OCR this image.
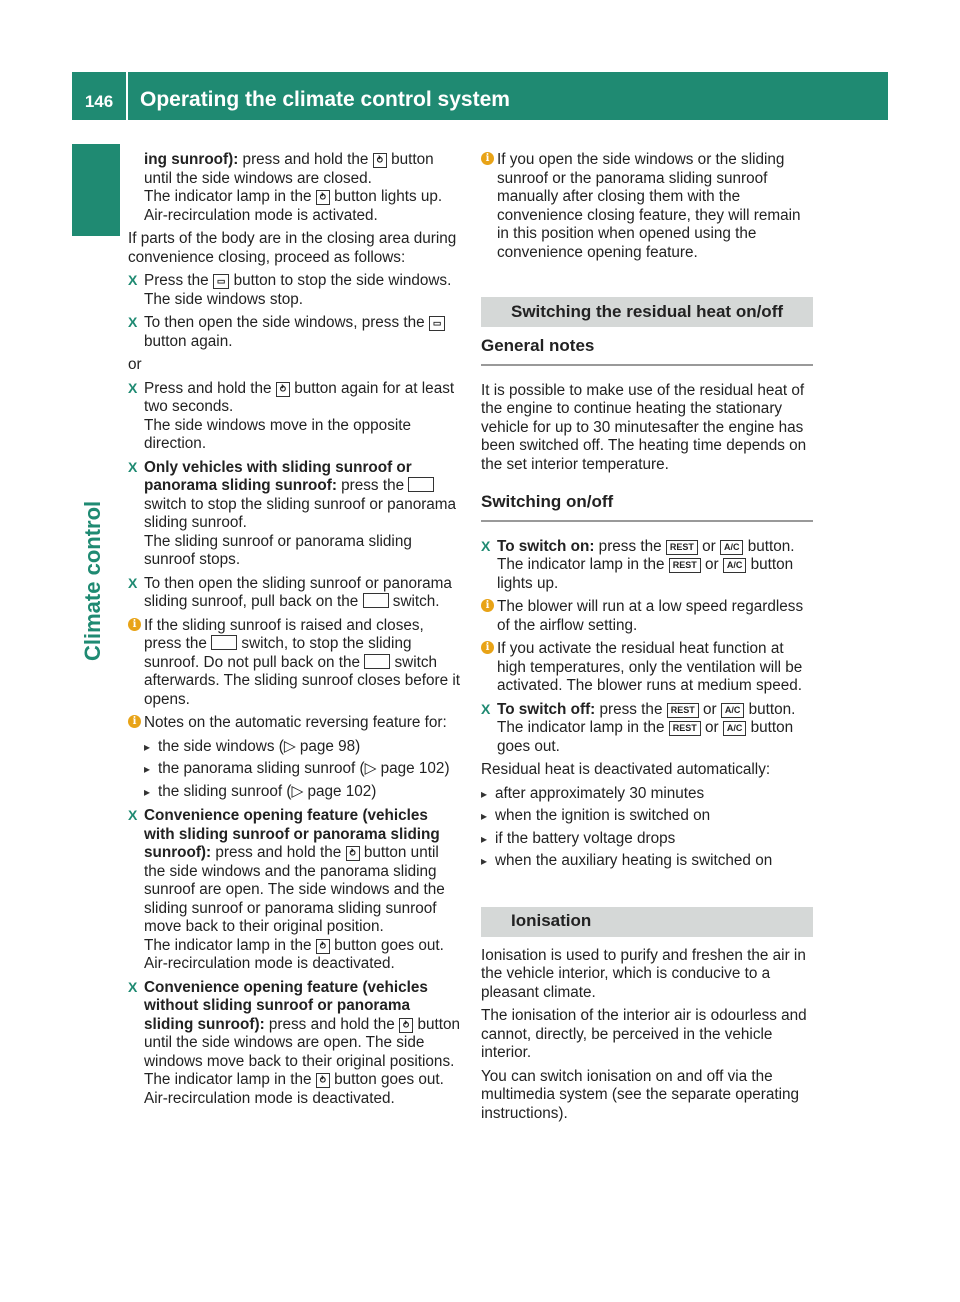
146	Operating the climate control system
Climate control

ing sunroof): press and hold the ⥁ button until the side windows are closed.
The indicator lamp in the ⥁ button lights up. Air-recirculation mode is activated.

If parts of the body are in the closing area during convenience closing, proceed as follows:

X Press the ▭ button to stop the side windows.
The side windows stop.
X To then open the side windows, press the ▭ button again.

or

X Press and hold the ⥁ button again for at least two seconds.
The side windows move in the opposite direction.
X Only vehicles with sliding sunroof or panorama sliding sunroof: press the  switch to stop the sliding sunroof or panorama sliding sunroof.
The sliding sunroof or panorama sliding sunroof stops.
X To then open the sliding sunroof or panorama sliding sunroof, pull back on the  switch.
i If the sliding sunroof is raised and closes, press the  switch, to stop the sliding sunroof. Do not pull back on the  switch afterwards. The sliding sunroof closes before it opens.
i Notes on the automatic reversing feature for:
▸ the side windows (▷ page 98)
▸ the panorama sliding sunroof (▷ page 102)
▸ the sliding sunroof (▷ page 102)
X Convenience opening feature (vehicles with sliding sunroof or panorama sliding sunroof): press and hold the ⥁ button until the side windows and the panorama sliding sunroof are open. The side windows and the sliding sunroof or panorama sliding sunroof move back to their original position.
The indicator lamp in the ⥁ button goes out. Air-recirculation mode is deactivated.
X Convenience opening feature (vehicles without sliding sunroof or panorama sliding sunroof): press and hold the ⥁ button until the side windows are open. The side windows move back to their original positions.
The indicator lamp in the ⥁ button goes out. Air-recirculation mode is deactivated.
i If you open the side windows or the sliding sunroof or the panorama sliding sunroof manually after closing them with the convenience closing feature, they will remain in this position when opened using the convenience opening feature.
Switching the residual heat on/off
General notes

It is possible to make use of the residual heat of the engine to continue heating the stationary vehicle for up to 30 minutesafter the engine has been switched off. The heating time depends on the set interior temperature.

Switching on/off
X To switch on: press the REST or A/C button.
The indicator lamp in the REST or A/C button lights up.
i The blower will run at a low speed regardless of the airflow setting.
i If you activate the residual heat function at high temperatures, only the ventilation will be activated. The blower runs at medium speed.
X To switch off: press the REST or A/C button.
The indicator lamp in the REST or A/C button goes out.

Residual heat is deactivated automatically:

▸ after approximately 30 minutes
▸ when the ignition is switched on
▸ if the battery voltage drops
▸ when the auxiliary heating is switched on
Ionisation

Ionisation is used to purify and freshen the air in the vehicle interior, which is conducive to a pleasant climate.

The ionisation of the interior air is odourless and cannot, directly, be perceived in the vehicle interior.

You can switch ionisation on and off via the multimedia system (see the separate operating instructions).
